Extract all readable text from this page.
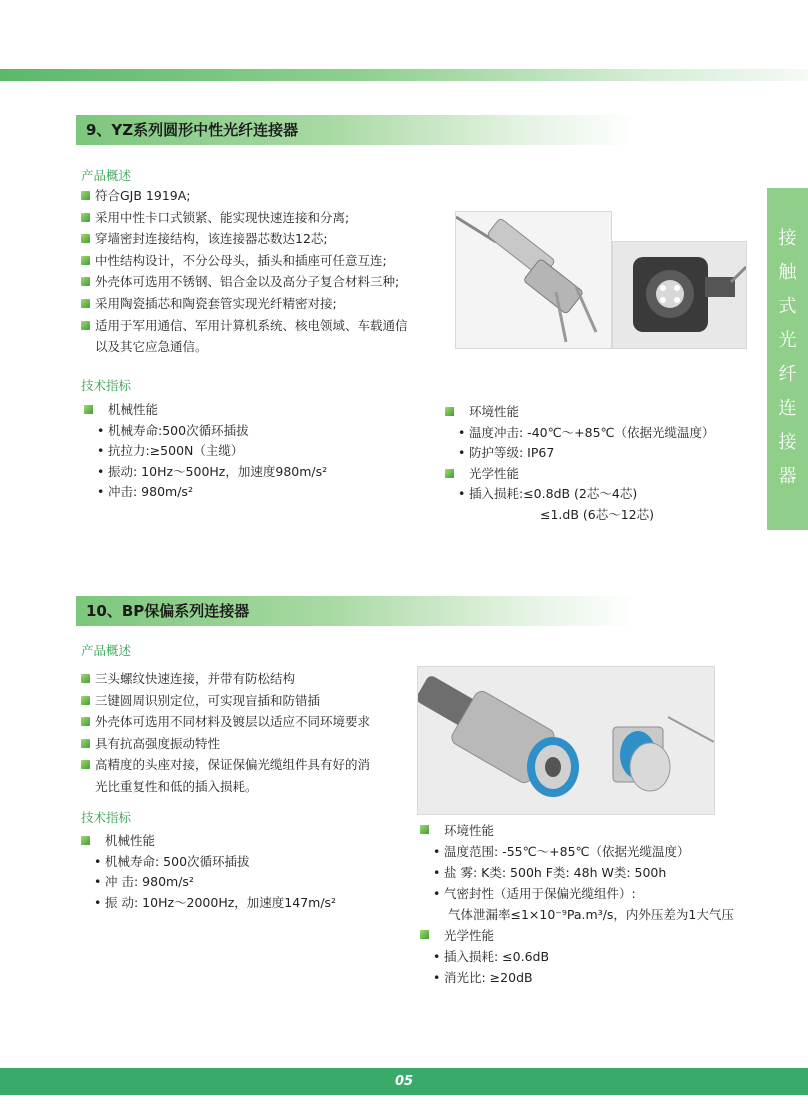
9、YZ系列圆形中性光纤连接器
产品概述
符合GJB 1919A;
采用中性卡口式锁紧、能实现快速连接和分离;
穿墙密封连接结构，该连接器芯数达12芯;
中性结构设计，不分公母头，插头和插座可任意互连;
外壳体可选用不锈钢、铝合金以及高分子复合材料三种;
采用陶瓷插芯和陶瓷套管实现光纤精密对接;
适用于军用通信、军用计算机系统、核电领域、车载通信
以及其它应急通信。
技术指标
机械性能
• 机械寿命:500次循环插拔
• 抗拉力:≥500N（主缆）
• 振动: 10Hz～500Hz，加速度980m/s²
• 冲击: 980m/s²
环境性能
• 温度冲击: -40℃～+85℃（依据光缆温度）
• 防护等级: IP67
光学性能
• 插入损耗:≤0.8dB (2芯～4芯)
≤1.dB (6芯～12芯)
10、BP保偏系列连接器
产品概述
三头螺纹快速连接，并带有防松结构
三键圆周识别定位，可实现盲插和防错插
外壳体可选用不同材料及镀层以适应不同环境要求
具有抗高强度振动特性
高精度的头座对接，保证保偏光缆组件具有好的消
光比重复性和低的插入损耗。
技术指标
机械性能
• 机械寿命: 500次循环插拔
• 冲 击: 980m/s²
• 振 动: 10Hz～2000Hz，加速度147m/s²
环境性能
• 温度范围: -55℃～+85℃（依据光缆温度）
• 盐 雾: K类: 500h F类: 48h W类: 500h
• 气密封性（适用于保偏光缆组件）:
气体泄漏率≤1×10⁻⁹Pa.m³/s，内外压差为1大气压
光学性能
• 插入损耗: ≤0.6dB
• 消光比: ≥20dB
接
触
式
光
纤
连
接
器
05
